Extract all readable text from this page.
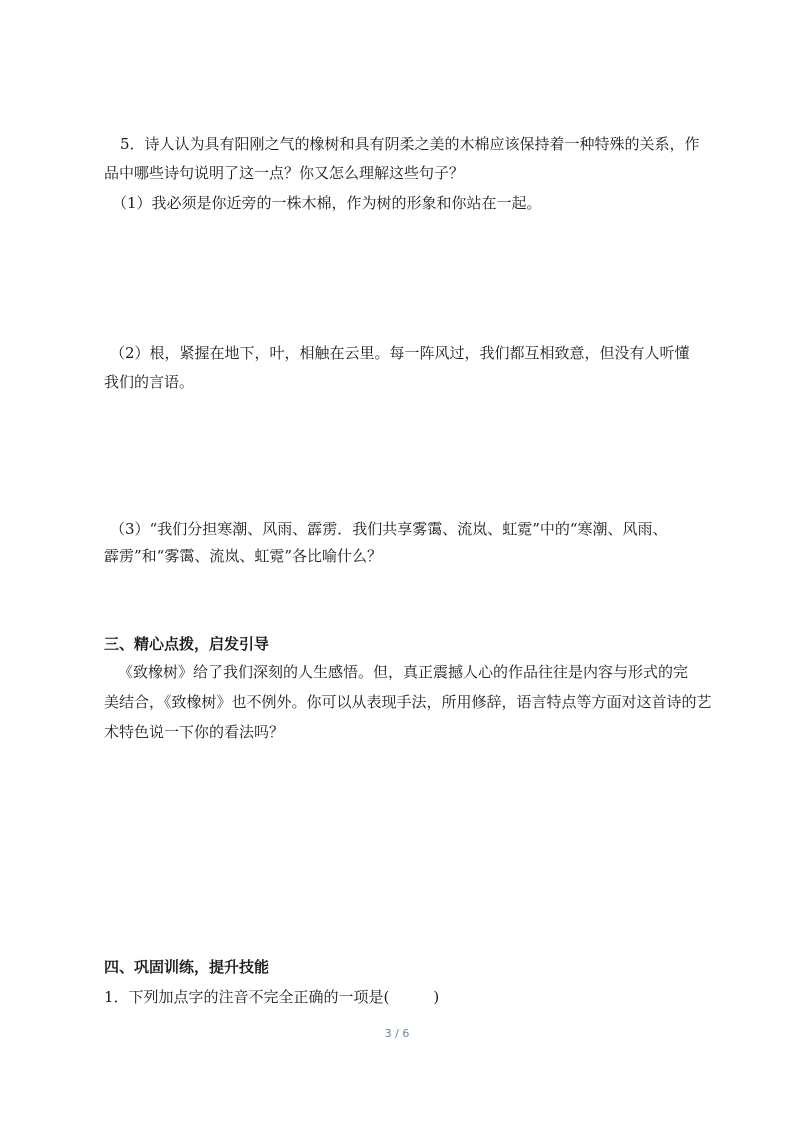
5．诗人认为具有阳刚之气的橡树和具有阴柔之美的木棉应该保持着一种特殊的关系，作
品中哪些诗句说明了这一点？你又怎么理解这些句子？
（1）我必须是你近旁的一株木棉，作为树的形象和你站在一起。
（2）根，紧握在地下，叶，相触在云里。每一阵风过，我们都互相致意，但没有人听懂
我们的言语。
（3）“我们分担寒潮、风雨、霹雳．我们共享雾霭、流岚、虹霓”中的“寒潮、风雨、
霹雳”和“雾霭、流岚、虹霓”各比喻什么？
三、精心点拨，启发引导
《致橡树》给了我们深刻的人生感悟。但，真正震撼人心的作品往往是内容与形式的完
美结合，《致橡树》也不例外。你可以从表现手法，所用修辞，语言特点等方面对这首诗的艺
术特色说一下你的看法吗？
四、巩固训练，提升技能
1．下列加点字的注音不完全正确的一项是(	)
3 / 6
